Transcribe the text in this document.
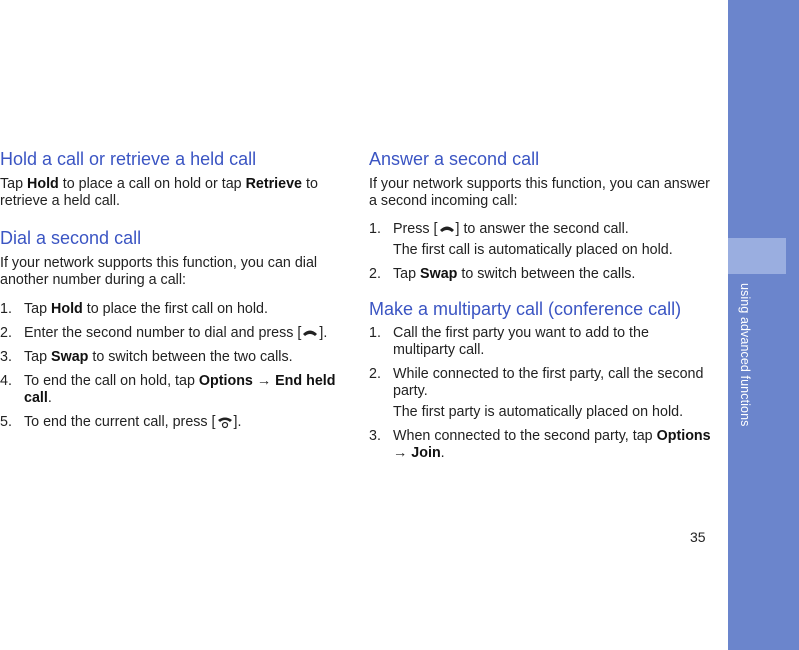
using advanced functions
35
Hold a call or retrieve a held call

Tap Hold to place a call on hold or tap Retrieve to retrieve a held call.

Dial a second call

If your network supports this function, you can dial another number during a call:

1. Tap Hold to place the first call on hold.
2. Enter the second number to dial and press [ ].
3. Tap Swap to switch between the two calls.
4. To end the call on hold, tap Options → End held call.
5. To end the current call, press [ ].
Answer a second call

If your network supports this function, you can answer a second incoming call:

1. Press [ ] to answer the second call.
The first call is automatically placed on hold.
2. Tap Swap to switch between the calls.
Make a multiparty call (conference call)
1. Call the first party you want to add to the multiparty call.
2. While connected to the first party, call the second party.
The first party is automatically placed on hold.
3. When connected to the second party, tap Options → Join.
